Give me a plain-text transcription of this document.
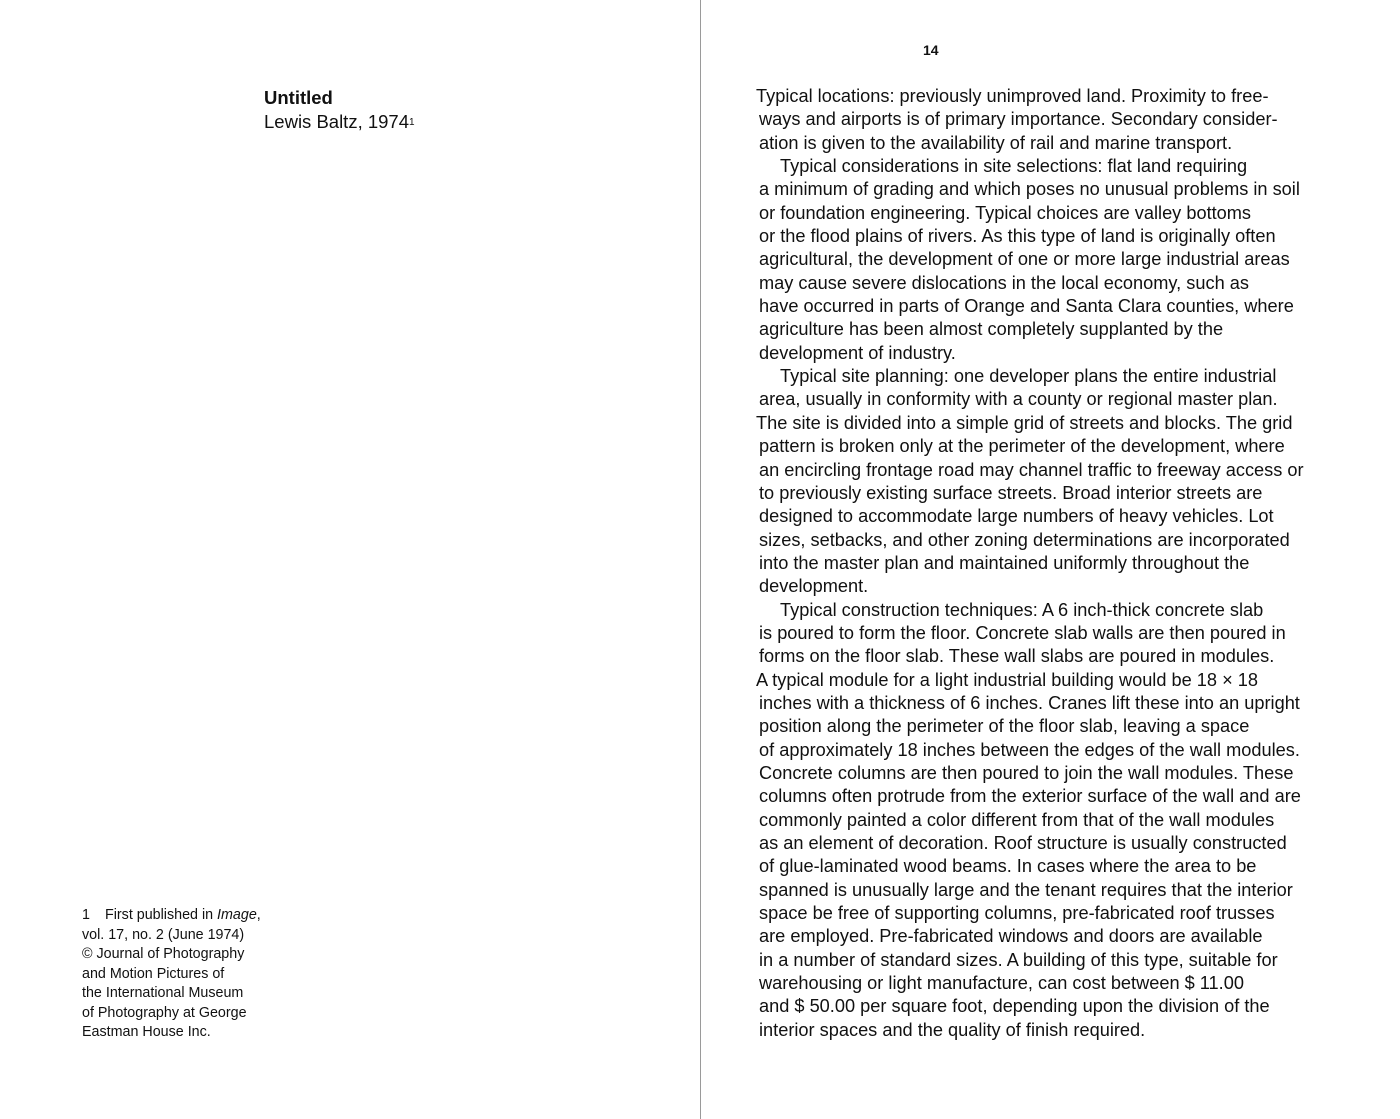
Untitled
Lewis Baltz, 1974$^1$
1 First published in Image,
vol. 17, no. 2 (June 1974)
© Journal of Photography
and Motion Pictures of
the International Museum
of Photography at George
Eastman House Inc.
14
Typical locations: previously unimproved land. Proximity to free-
ways and airports is of primary importance. Secondary consider-
ation is given to the availability of rail and marine transport.
Typical considerations in site selections: flat land requiring
a minimum of grading and which poses no unusual problems in soil
or foundation engineering. Typical choices are valley bottoms
or the flood plains of rivers. As this type of land is originally often
agricultural, the development of one or more large industrial areas
may cause severe dislocations in the local economy, such as
have occurred in parts of Orange and Santa Clara counties, where
agriculture has been almost completely supplanted by the
development of industry.
Typical site planning: one developer plans the entire industrial
area, usually in conformity with a county or regional master plan.
The site is divided into a simple grid of streets and blocks. The grid
pattern is broken only at the perimeter of the development, where
an encircling frontage road may channel traffic to freeway access or
to previously existing surface streets. Broad interior streets are
designed to accommodate large numbers of heavy vehicles. Lot
sizes, setbacks, and other zoning determinations are incorporated
into the master plan and maintained uniformly throughout the
development.
Typical construction techniques: A 6 inch-thick concrete slab
is poured to form the floor. Concrete slab walls are then poured in
forms on the floor slab. These wall slabs are poured in modules.
A typical module for a light industrial building would be 18 × 18
inches with a thickness of 6 inches. Cranes lift these into an upright
position along the perimeter of the floor slab, leaving a space
of approximately 18 inches between the edges of the wall modules.
Concrete columns are then poured to join the wall modules. These
columns often protrude from the exterior surface of the wall and are
commonly painted a color different from that of the wall modules
as an element of decoration. Roof structure is usually constructed
of glue-laminated wood beams. In cases where the area to be
spanned is unusually large and the tenant requires that the interior
space be free of supporting columns, pre-fabricated roof trusses
are employed. Pre-fabricated windows and doors are available
in a number of standard sizes. A building of this type, suitable for
warehousing or light manufacture, can cost between $ 11.00
and $ 50.00 per square foot, depending upon the division of the
interior spaces and the quality of finish required.
